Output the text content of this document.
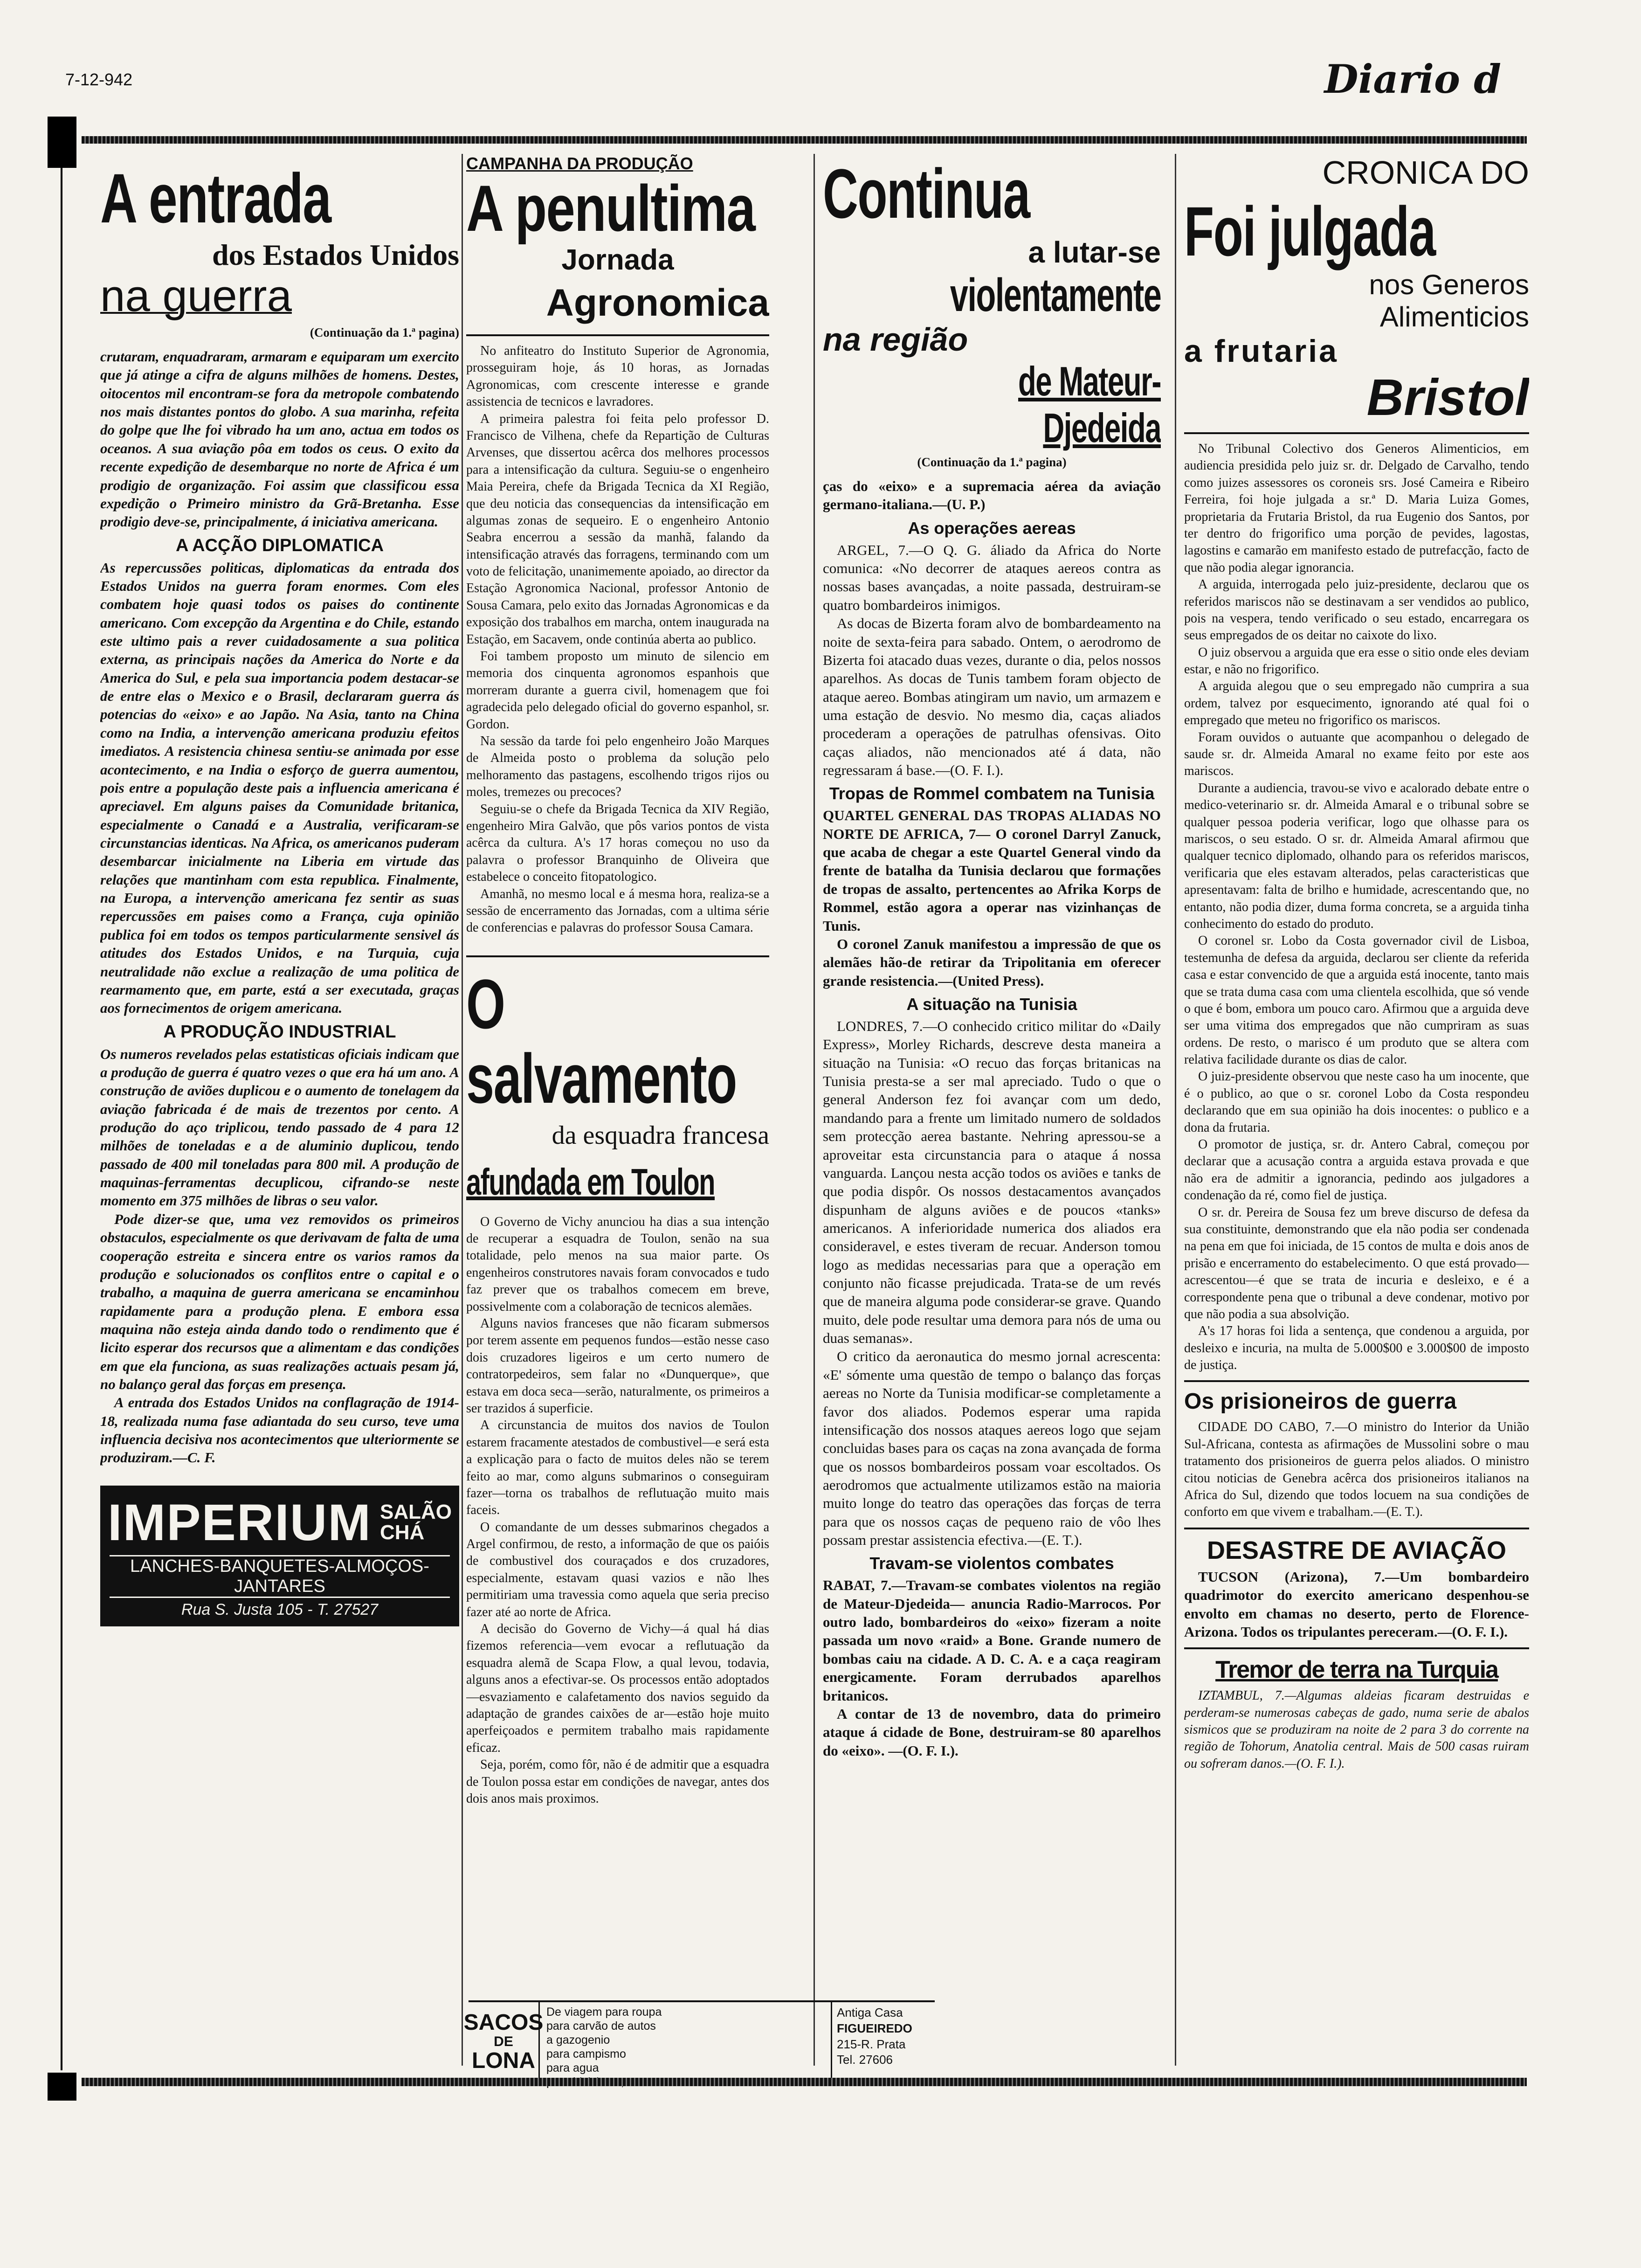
7-12-942	Diario d
A entrada
dos Estados Unidos
na guerra
(Continuação da 1.ª pagina)

crutaram, enquadraram, armaram e equiparam um exercito que já atinge a cifra de alguns milhões de homens. Destes, oitocentos mil encontram-se fora da metropole combatendo nos mais distantes pontos do globo. A sua marinha, refeita do golpe que lhe foi vibrado ha um ano, actua em todos os oceanos. A sua aviação pôa em todos os ceus. O exito da recente expedição de desembarque no norte de Africa é um prodigio de organização. Foi assim que classificou essa expedição o Primeiro ministro da Grã-Bretanha. Esse prodigio deve-se, principalmente, á iniciativa americana.

A ACÇÃO DIPLOMATICA

As repercussões politicas, diplomaticas da entrada dos Estados Unidos na guerra foram enormes. Com eles combatem hoje quasi todos os paises do continente americano. Com excepção da Argentina e do Chile, estando este ultimo pais a rever cuidadosamente a sua politica externa, as principais nações da America do Norte e da America do Sul, e pela sua importancia podem destacar-se de entre elas o Mexico e o Brasil, declararam guerra ás potencias do «eixo» e ao Japão. Na Asia, tanto na China como na India, a intervenção americana produziu efeitos imediatos. A resistencia chinesa sentiu-se animada por esse acontecimento, e na India o esforço de guerra aumentou, pois entre a população deste pais a influencia americana é apreciavel. Em alguns paises da Comunidade britanica, especialmente o Canadá e a Australia, verificaram-se circunstancias identicas. Na Africa, os americanos puderam desembarcar inicialmente na Liberia em virtude das relações que mantinham com esta republica. Finalmente, na Europa, a intervenção americana fez sentir as suas repercussões em paises como a França, cuja opinião publica foi em todos os tempos particularmente sensivel ás atitudes dos Estados Unidos, e na Turquia, cuja neutralidade não exclue a realização de uma politica de rearmamento que, em parte, está a ser executada, graças aos fornecimentos de origem americana.

A PRODUÇÃO INDUSTRIAL

Os numeros revelados pelas estatisticas oficiais indicam que a produção de guerra é quatro vezes o que era há um ano. A construção de aviões duplicou e o aumento de tonelagem da aviação fabricada é de mais de trezentos por cento. A produção do aço triplicou, tendo passado de 4 para 12 milhões de toneladas e a de aluminio duplicou, tendo passado de 400 mil toneladas para 800 mil. A produção de maquinas-ferramentas decuplicou, cifrando-se neste momento em 375 milhões de libras o seu valor.

Pode dizer-se que, uma vez removidos os primeiros obstaculos, especialmente os que derivavam de falta de uma cooperação estreita e sincera entre os varios ramos da produção e solucionados os conflitos entre o capital e o trabalho, a maquina de guerra americana se encaminhou rapidamente para a produção plena. E embora essa maquina não esteja ainda dando todo o rendimento que é licito esperar dos recursos que a alimentam e das condições em que ela funciona, as suas realizações actuais pesam já, no balanço geral das forças em presença.

A entrada dos Estados Unidos na conflagração de 1914-18, realizada numa fase adiantada do seu curso, teve uma influencia decisiva nos acontecimentos que ulteriormente se produziram.—C. F.

IMPERIUM SALÃO
CHÁ
LANCHES-BANQUETES-ALMOÇOS-JANTARES
Rua S. Justa 105 - T. 27527
CAMPANHA DA PRODUÇÃO
A penultima
Jornada
Agronomica

No anfiteatro do Instituto Superior de Agronomia, prosseguiram hoje, ás 10 horas, as Jornadas Agronomicas, com crescente interesse e grande assistencia de tecnicos e lavradores.

A primeira palestra foi feita pelo professor D. Francisco de Vilhena, chefe da Repartição de Culturas Arvenses, que dissertou acêrca dos melhores processos para a intensificação da cultura. Seguiu-se o engenheiro Maia Pereira, chefe da Brigada Tecnica da XI Região, que deu noticia das consequencias da intensificação em algumas zonas de sequeiro. E o engenheiro Antonio Seabra encerrou a sessão da manhã, falando da intensificação através das forragens, terminando com um voto de felicitação, unanimemente apoiado, ao director da Estação Agronomica Nacional, professor Antonio de Sousa Camara, pelo exito das Jornadas Agronomicas e da exposição dos trabalhos em marcha, ontem inaugurada na Estação, em Sacavem, onde continúa aberta ao publico.

Foi tambem proposto um minuto de silencio em memoria dos cinquenta agronomos espanhois que morreram durante a guerra civil, homenagem que foi agradecida pelo delegado oficial do governo espanhol, sr. Gordon.

Na sessão da tarde foi pelo engenheiro João Marques de Almeida posto o problema da solução pelo melhoramento das pastagens, escolhendo trigos rijos ou moles, tremezes ou precoces?

Seguiu-se o chefe da Brigada Tecnica da XIV Região, engenheiro Mira Galvão, que pôs varios pontos de vista acêrca da cultura. A's 17 horas começou no uso da palavra o professor Branquinho de Oliveira que estabelece o conceito fitopatologico.

Amanhã, no mesmo local e á mesma hora, realiza-se a sessão de encerramento das Jornadas, com a ultima série de conferencias e palavras do professor Sousa Camara.

O salvamento
da esquadra francesa
afundada em Toulon

O Governo de Vichy anunciou ha dias a sua intenção de recuperar a esquadra de Toulon, senão na sua totalidade, pelo menos na sua maior parte. Os engenheiros construtores navais foram convocados e tudo faz prever que os trabalhos comecem em breve, possivelmente com a colaboração de tecnicos alemães.

Alguns navios franceses que não ficaram submersos por terem assente em pequenos fundos—estão nesse caso dois cruzadores ligeiros e um certo numero de contratorpedeiros, sem falar no «Dunquerque», que estava em doca seca—serão, naturalmente, os primeiros a ser trazidos á superficie.

A circunstancia de muitos dos navios de Toulon estarem fracamente atestados de combustivel—e será esta a explicação para o facto de muitos deles não se terem feito ao mar, como alguns submarinos o conseguiram fazer—torna os trabalhos de reflutuação muito mais faceis.

O comandante de um desses submarinos chegados a Argel confirmou, de resto, a informação de que os paióis de combustivel dos couraçados e dos cruzadores, especialmente, estavam quasi vazios e não lhes permitiriam uma travessia como aquela que seria preciso fazer até ao norte de Africa.

A decisão do Governo de Vichy—á qual há dias fizemos referencia—vem evocar a reflutuação da esquadra alemã de Scapa Flow, a qual levou, todavia, alguns anos a efectivar-se. Os processos então adoptados—esvaziamento e calafetamento dos navios seguido da adaptação de grandes caixões de ar—estão hoje muito aperfeiçoados e permitem trabalho mais rapidamente eficaz.

Seja, porém, como fôr, não é de admitir que a esquadra de Toulon possa estar em condições de navegar, antes dos dois anos mais proximos.

SACOS
DE
LONA
De viagem para roupa
para carvão de autos
a gazogenio
para campismo
para agua
Antiga Casa
FIGUEIREDO
215-R. Prata
Tel. 27606
Continua
a lutar-se
violentamente
na região
de Mateur-Djedeida
(Continuação da 1.ª pagina)

ças do «eixo» e a supremacia aérea da aviação germano-italiana.—(U. P.)

As operações aereas

ARGEL, 7.—O Q. G. áliado da Africa do Norte comunica: «No decorrer de ataques aereos contra as nossas bases avançadas, a noite passada, destruiram-se quatro bombardeiros inimigos.

As docas de Bizerta foram alvo de bombardeamento na noite de sexta-feira para sabado. Ontem, o aerodromo de Bizerta foi atacado duas vezes, durante o dia, pelos nossos aparelhos. As docas de Tunis tambem foram objecto de ataque aereo. Bombas atingiram um navio, um armazem e uma estação de desvio. No mesmo dia, caças aliados procederam a operações de patrulhas ofensivas. Oito caças aliados, não mencionados até á data, não regressaram á base.—(O. F. I.).

Tropas de Rommel combatem na Tunisia

QUARTEL GENERAL DAS TROPAS ALIADAS NO NORTE DE AFRICA, 7— O coronel Darryl Zanuck, que acaba de chegar a este Quartel General vindo da frente de batalha da Tunisia declarou que formações de tropas de assalto, pertencentes ao Afrika Korps de Rommel, estão agora a operar nas vizinhanças de Tunis.

O coronel Zanuk manifestou a impressão de que os alemães hão-de retirar da Tripolitania em oferecer grande resistencia.—(United Press).

A situação na Tunisia

LONDRES, 7.—O conhecido critico militar do «Daily Express», Morley Richards, descreve desta maneira a situação na Tunisia: «O recuo das forças britanicas na Tunisia presta-se a ser mal apreciado. Tudo o que o general Anderson fez foi avançar com um dedo, mandando para a frente um limitado numero de soldados sem protecção aerea bastante. Nehring apressou-se a aproveitar esta circunstancia para o ataque á nossa vanguarda. Lançou nesta acção todos os aviões e tanks de que podia dispôr. Os nossos destacamentos avançados dispunham de alguns aviões e de poucos «tanks» americanos. A inferioridade numerica dos aliados era consideravel, e estes tiveram de recuar. Anderson tomou logo as medidas necessarias para que a operação em conjunto não ficasse prejudicada. Trata-se de um revés que de maneira alguma pode considerar-se grave. Quando muito, dele pode resultar uma demora para nós de uma ou duas semanas».

O critico da aeronautica do mesmo jornal acrescenta: «E' sómente uma questão de tempo o balanço das forças aereas no Norte da Tunisia modificar-se completamente a favor dos aliados. Podemos esperar uma rapida intensificação dos nossos ataques aereos logo que sejam concluidas bases para os caças na zona avançada de forma que os nossos bombardeiros possam voar escoltados. Os aerodromos que actualmente utilizamos estão na maioria muito longe do teatro das operações das forças de terra para que os nossos caças de pequeno raio de vôo lhes possam prestar assistencia efectiva.—(E. T.).

Travam-se violentos combates

RABAT, 7.—Travam-se combates violentos na região de Mateur-Djedeida— anuncia Radio-Marrocos. Por outro lado, bombardeiros do «eixo» fizeram a noite passada um novo «raid» a Bone. Grande numero de bombas caiu na cidade. A D. C. A. e a caça reagiram energicamente. Foram derrubados aparelhos britanicos.

A contar de 13 de novembro, data do primeiro ataque á cidade de Bone, destruiram-se 80 aparelhos do «eixo». —(O. F. I.).

CRONICA DO
Foi julgada
nos Generos
Alimenticios
a frutaria
Bristol

No Tribunal Colectivo dos Generos Alimenticios, em audiencia presidida pelo juiz sr. dr. Delgado de Carvalho, tendo como juizes assessores os coroneis srs. José Cameira e Ribeiro Ferreira, foi hoje julgada a sr.ª D. Maria Luiza Gomes, proprietaria da Frutaria Bristol, da rua Eugenio dos Santos, por ter dentro do frigorifico uma porção de pevides, lagostas, lagostins e camarão em manifesto estado de putrefacção, facto de que não podia alegar ignorancia.

A arguida, interrogada pelo juiz-presidente, declarou que os referidos mariscos não se destinavam a ser vendidos ao publico, pois na vespera, tendo verificado o seu estado, encarregara os seus empregados de os deitar no caixote do lixo.

O juiz observou a arguida que era esse o sitio onde eles deviam estar, e não no frigorifico.

A arguida alegou que o seu empregado não cumprira a sua ordem, talvez por esquecimento, ignorando até qual foi o empregado que meteu no frigorifico os mariscos.

Foram ouvidos o autuante que acompanhou o delegado de saude sr. dr. Almeida Amaral no exame feito por este aos mariscos.

Durante a audiencia, travou-se vivo e acalorado debate entre o medico-veterinario sr. dr. Almeida Amaral e o tribunal sobre se qualquer pessoa poderia verificar, logo que olhasse para os mariscos, o seu estado. O sr. dr. Almeida Amaral afirmou que qualquer tecnico diplomado, olhando para os referidos mariscos, verificaria que eles estavam alterados, pelas caracteristicas que apresentavam: falta de brilho e humidade, acrescentando que, no entanto, não podia dizer, duma forma concreta, se a arguida tinha conhecimento do estado do produto.

O coronel sr. Lobo da Costa governador civil de Lisboa, testemunha de defesa da arguida, declarou ser cliente da referida casa e estar convencido de que a arguida está inocente, tanto mais que se trata duma casa com uma clientela escolhida, que só vende o que é bom, embora um pouco caro. Afirmou que a arguida deve ser uma vitima dos empregados que não cumpriram as suas ordens. De resto, o marisco é um produto que se altera com relativa facilidade durante os dias de calor.

O juiz-presidente observou que neste caso ha um inocente, que é o publico, ao que o sr. coronel Lobo da Costa respondeu declarando que em sua opinião ha dois inocentes: o publico e a dona da frutaria.

O promotor de justiça, sr. dr. Antero Cabral, começou por declarar que a acusação contra a arguida estava provada e que não era de admitir a ignorancia, pedindo aos julgadores a condenação da ré, como fiel de justiça.

O sr. dr. Pereira de Sousa fez um breve discurso de defesa da sua constituinte, demonstrando que ela não podia ser condenada na pena em que foi iniciada, de 15 contos de multa e dois anos de prisão e encerramento do estabelecimento. O que está provado—acrescentou—é que se trata de incuria e desleixo, e é a correspondente pena que o tribunal a deve condenar, motivo por que não podia a sua absolvição.

A's 17 horas foi lida a sentença, que condenou a arguida, por desleixo e incuria, na multa de 5.000$00 e 3.000$00 de imposto de justiça.

Os prisioneiros de guerra

CIDADE DO CABO, 7.—O ministro do Interior da União Sul-Africana, contesta as afirmações de Mussolini sobre o mau tratamento dos prisioneiros de guerra pelos aliados. O ministro citou noticias de Genebra acêrca dos prisioneiros italianos na Africa do Sul, dizendo que todos locuem na sua condições de conforto em que vivem e trabalham.—(E. T.).

DESASTRE DE AVIAÇÃO

TUCSON (Arizona), 7.—Um bombardeiro quadrimotor do exercito americano despenhou-se envolto em chamas no deserto, perto de Florence-Arizona. Todos os tripulantes pereceram.—(O. F. I.).

Tremor de terra na Turquia

IZTAMBUL, 7.—Algumas aldeias ficaram destruidas e perderam-se numerosas cabeças de gado, numa serie de abalos sismicos que se produziram na noite de 2 para 3 do corrente na região de Tohorum, Anatolia central. Mais de 500 casas ruiram ou sofreram danos.—(O. F. I.).
